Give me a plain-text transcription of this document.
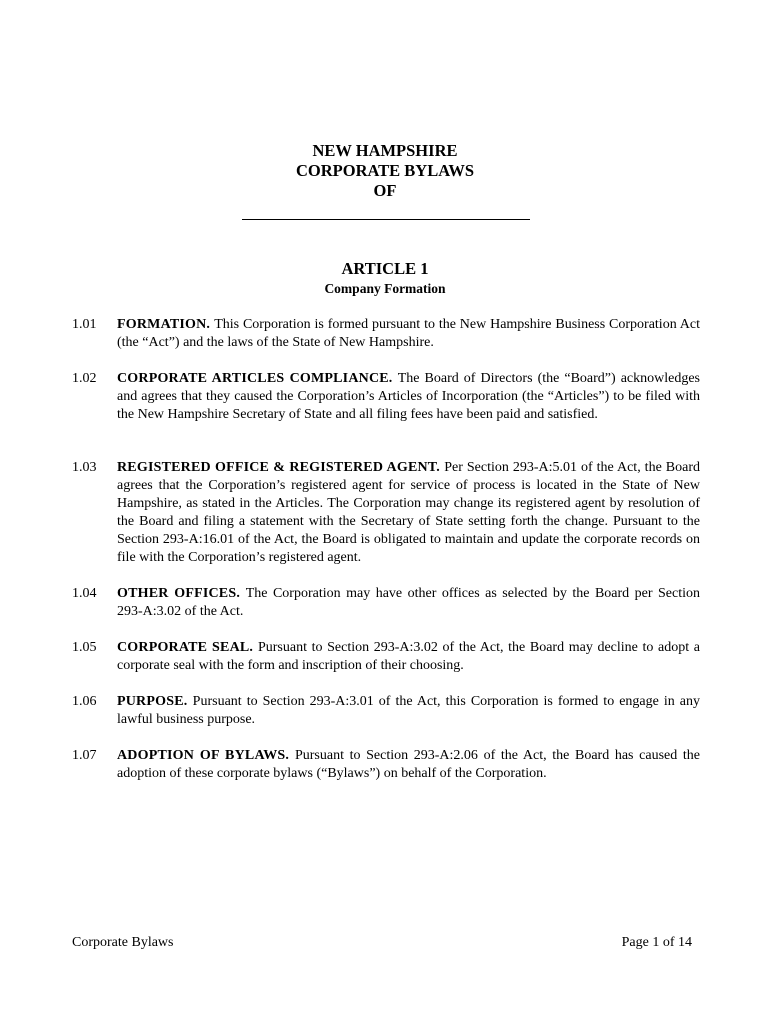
NEW HAMPSHIRE
CORPORATE BYLAWS
OF
ARTICLE 1
Company Formation
1.01	FORMATION. This Corporation is formed pursuant to the New Hampshire Business Corporation Act (the “Act”) and the laws of the State of New Hampshire.
1.02	CORPORATE ARTICLES COMPLIANCE. The Board of Directors (the “Board”) acknowledges and agrees that they caused the Corporation’s Articles of Incorporation (the “Articles”) to be filed with the New Hampshire Secretary of State and all filing fees have been paid and satisfied.
1.03	REGISTERED OFFICE & REGISTERED AGENT. Per Section 293-A:5.01 of the Act, the Board agrees that the Corporation’s registered agent for service of process is located in the State of New Hampshire, as stated in the Articles. The Corporation may change its registered agent by resolution of the Board and filing a statement with the Secretary of State setting forth the change. Pursuant to the Section 293-A:16.01 of the Act, the Board is obligated to maintain and update the corporate records on file with the Corporation’s registered agent.
1.04	OTHER OFFICES. The Corporation may have other offices as selected by the Board per Section 293-A:3.02 of the Act.
1.05	CORPORATE SEAL. Pursuant to Section 293-A:3.02 of the Act, the Board may decline to adopt a corporate seal with the form and inscription of their choosing.
1.06	PURPOSE. Pursuant to Section 293-A:3.01 of the Act, this Corporation is formed to engage in any lawful business purpose.
1.07	ADOPTION OF BYLAWS. Pursuant to Section 293-A:2.06 of the Act, the Board has caused the adoption of these corporate bylaws (“Bylaws”) on behalf of the Corporation.
Corporate Bylaws	Page 1 of 14
